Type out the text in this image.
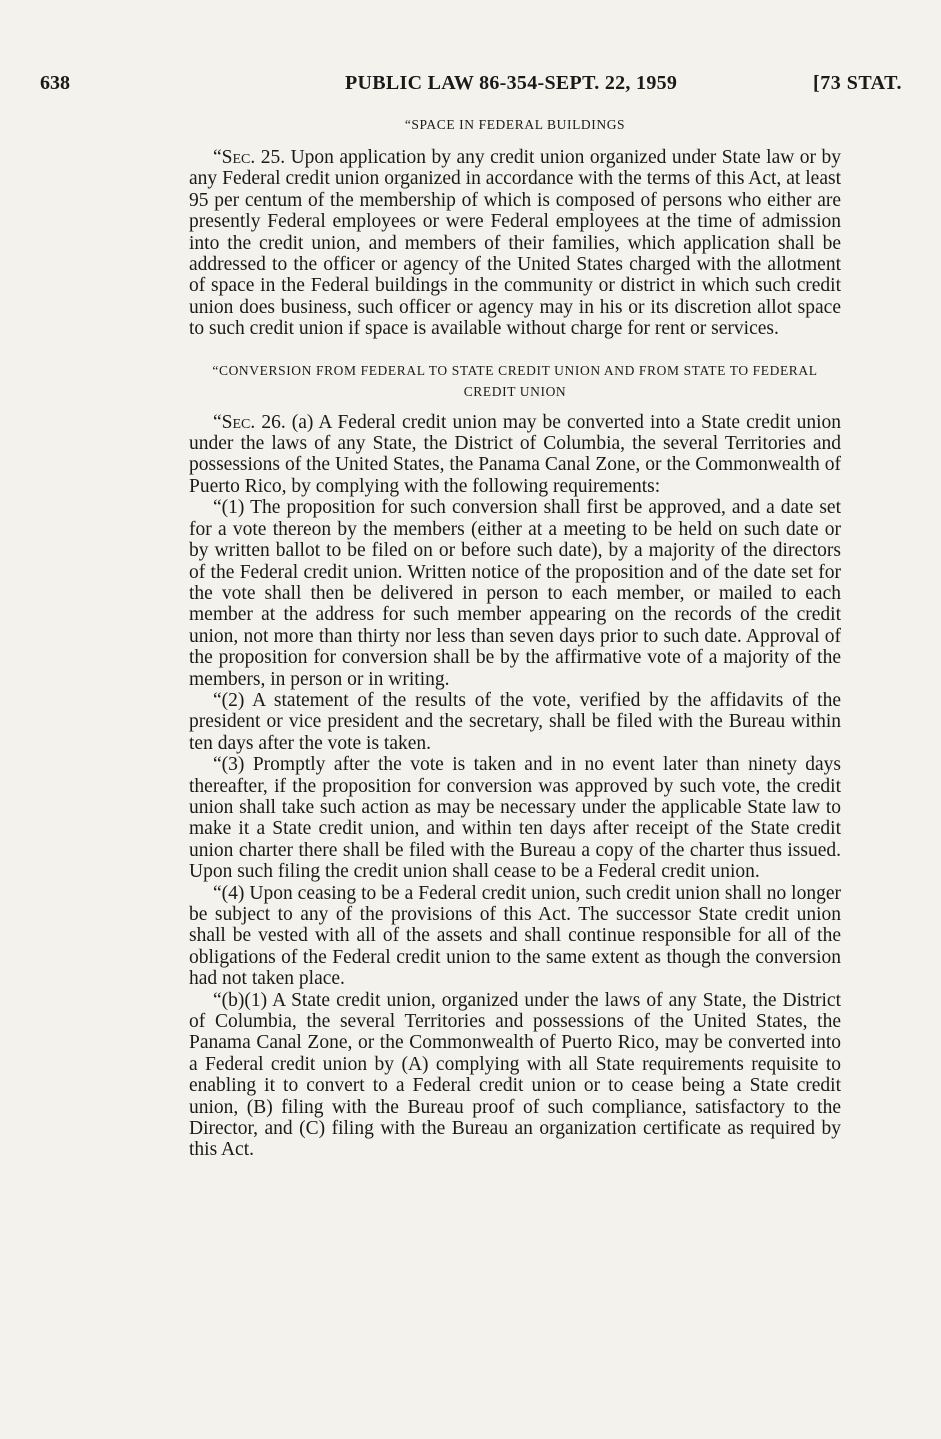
638	PUBLIC LAW 86-354-SEPT. 22, 1959	[73 STAT.

“SPACE IN FEDERAL BUILDINGS

“Sec. 25. Upon application by any credit union organized under State law or by any Federal credit union organized in accordance with the terms of this Act, at least 95 per centum of the membership of which is composed of persons who either are presently Federal employees or were Federal employees at the time of admission into the credit union, and members of their families, which application shall be addressed to the officer or agency of the United States charged with the allotment of space in the Federal buildings in the community or district in which such credit union does business, such officer or agency may in his or its discretion allot space to such credit union if space is available without charge for rent or services.

“CONVERSION FROM FEDERAL TO STATE CREDIT UNION AND FROM STATE TO FEDERAL CREDIT UNION

“Sec. 26. (a) A Federal credit union may be converted into a State credit union under the laws of any State, the District of Columbia, the several Territories and possessions of the United States, the Panama Canal Zone, or the Commonwealth of Puerto Rico, by complying with the following requirements:

“(1) The proposition for such conversion shall first be approved, and a date set for a vote thereon by the members (either at a meeting to be held on such date or by written ballot to be filed on or before such date), by a majority of the directors of the Federal credit union. Written notice of the proposition and of the date set for the vote shall then be delivered in person to each member, or mailed to each member at the address for such member appearing on the records of the credit union, not more than thirty nor less than seven days prior to such date. Approval of the proposition for conversion shall be by the affirmative vote of a majority of the members, in person or in writing.

“(2) A statement of the results of the vote, verified by the affidavits of the president or vice president and the secretary, shall be filed with the Bureau within ten days after the vote is taken.

“(3) Promptly after the vote is taken and in no event later than ninety days thereafter, if the proposition for conversion was approved by such vote, the credit union shall take such action as may be necessary under the applicable State law to make it a State credit union, and within ten days after receipt of the State credit union charter there shall be filed with the Bureau a copy of the charter thus issued. Upon such filing the credit union shall cease to be a Federal credit union.

“(4) Upon ceasing to be a Federal credit union, such credit union shall no longer be subject to any of the provisions of this Act. The successor State credit union shall be vested with all of the assets and shall continue responsible for all of the obligations of the Federal credit union to the same extent as though the conversion had not taken place.

“(b)(1) A State credit union, organized under the laws of any State, the District of Columbia, the several Territories and possessions of the United States, the Panama Canal Zone, or the Commonwealth of Puerto Rico, may be converted into a Federal credit union by (A) complying with all State requirements requisite to enabling it to convert to a Federal credit union or to cease being a State credit union, (B) filing with the Bureau proof of such compliance, satisfactory to the Director, and (C) filing with the Bureau an organization certificate as required by this Act.
